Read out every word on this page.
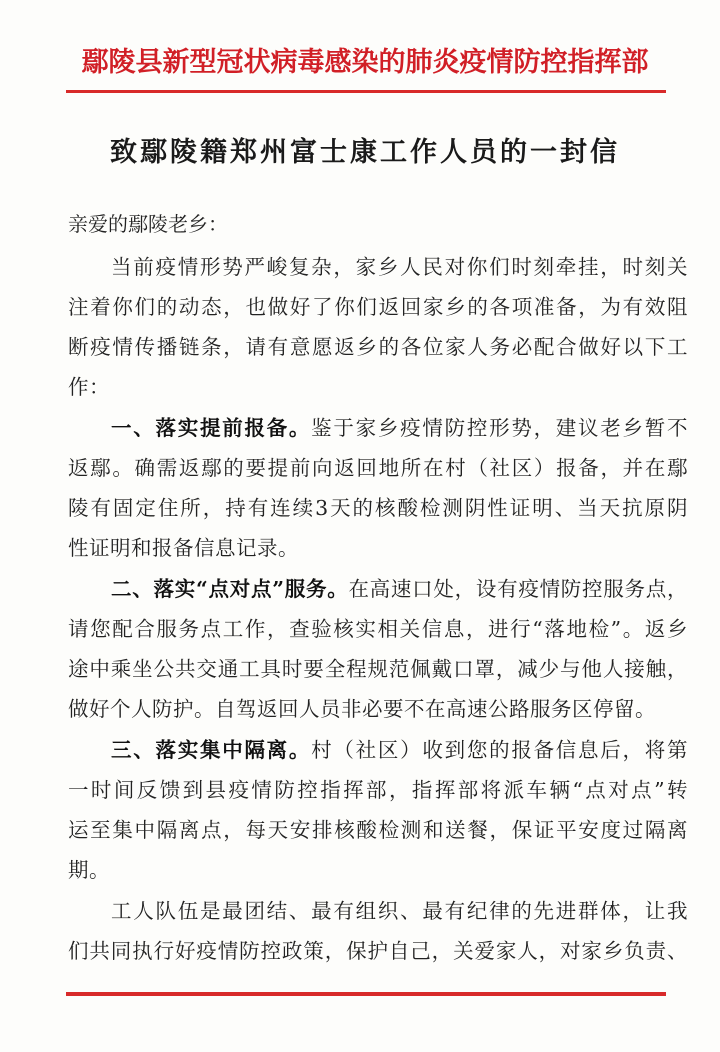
鄢陵县新型冠状病毒感染的肺炎疫情防控指挥部
致鄢陵籍郑州富士康工作人员的一封信
亲爱的鄢陵老乡：
当前疫情形势严峻复杂，家乡人民对你们时刻牵挂，时刻关
注着你们的动态，也做好了你们返回家乡的各项准备，为有效阻
断疫情传播链条，请有意愿返乡的各位家人务必配合做好以下工
作：
一、落实提前报备。鉴于家乡疫情防控形势，建议老乡暂不
返鄢。确需返鄢的要提前向返回地所在村（社区）报备，并在鄢
陵有固定住所，持有连续3天的核酸检测阴性证明、当天抗原阴
性证明和报备信息记录。
二、落实“点对点”服务。在高速口处，设有疫情防控服务点，
请您配合服务点工作，查验核实相关信息，进行“落地检”。返乡
途中乘坐公共交通工具时要全程规范佩戴口罩，减少与他人接触，
做好个人防护。自驾返回人员非必要不在高速公路服务区停留。
三、落实集中隔离。村（社区）收到您的报备信息后，将第
一时间反馈到县疫情防控指挥部，指挥部将派车辆“点对点”转
运至集中隔离点，每天安排核酸检测和送餐，保证平安度过隔离
期。
工人队伍是最团结、最有组织、最有纪律的先进群体，让我
们共同执行好疫情防控政策，保护自己，关爱家人，对家乡负责、
